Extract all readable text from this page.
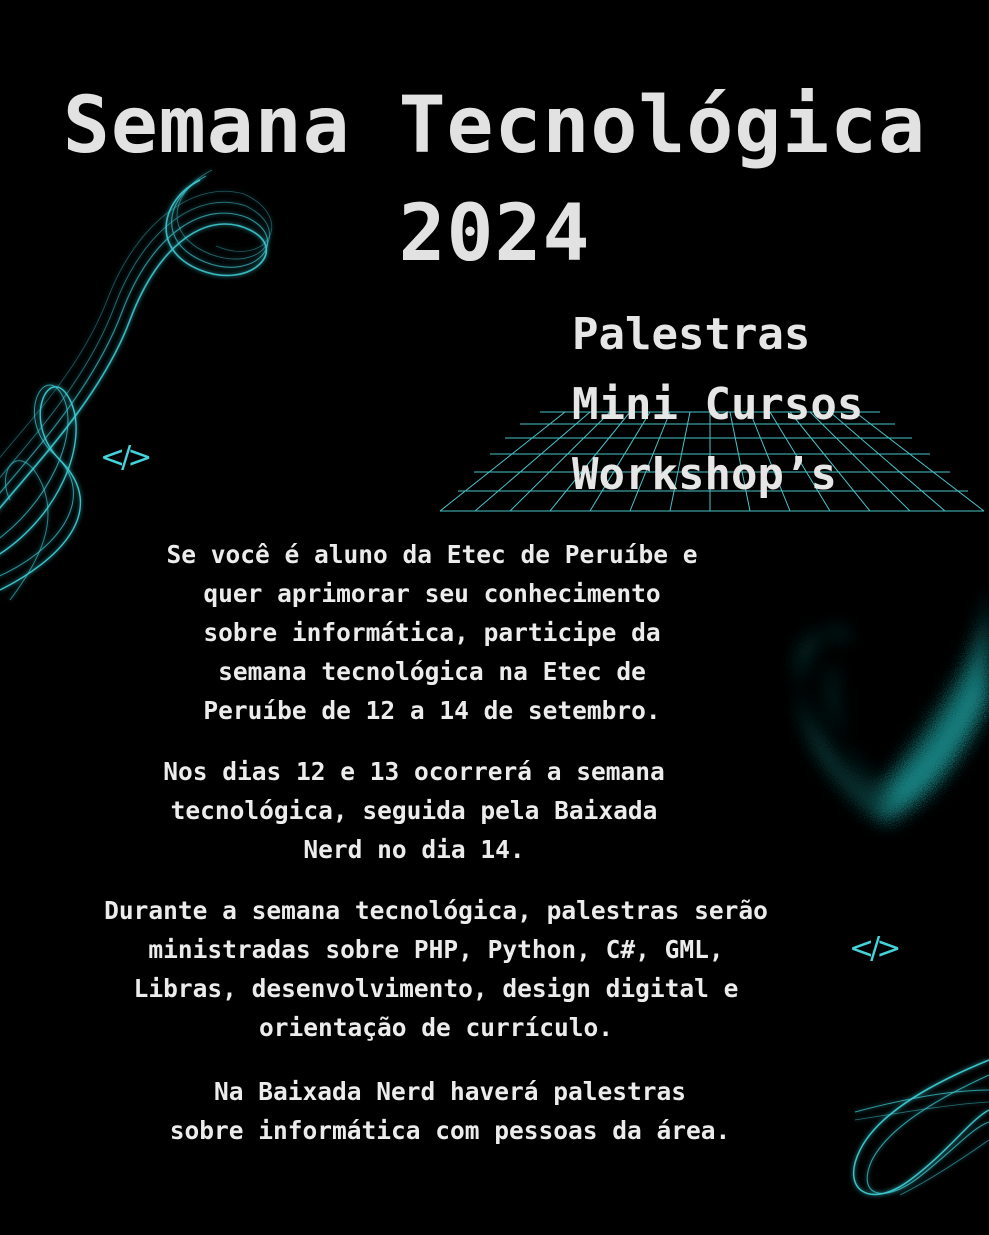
Semana Tecnológica
2024
Palestras
Mini Cursos
Workshop’s
</>
</>

Se você é aluno da Etec de Peruíbe e
quer aprimorar seu conhecimento
sobre informática, participe da
semana tecnológica na Etec de
Peruíbe de 12 a 14 de setembro.

Nos dias 12 e 13 ocorrerá a semana
tecnológica, seguida pela Baixada
Nerd no dia 14.

Durante a semana tecnológica, palestras serão
ministradas sobre PHP, Python, C#, GML,
Libras, desenvolvimento, design digital e
orientação de currículo.

Na Baixada Nerd haverá palestras
sobre informática com pessoas da área.
